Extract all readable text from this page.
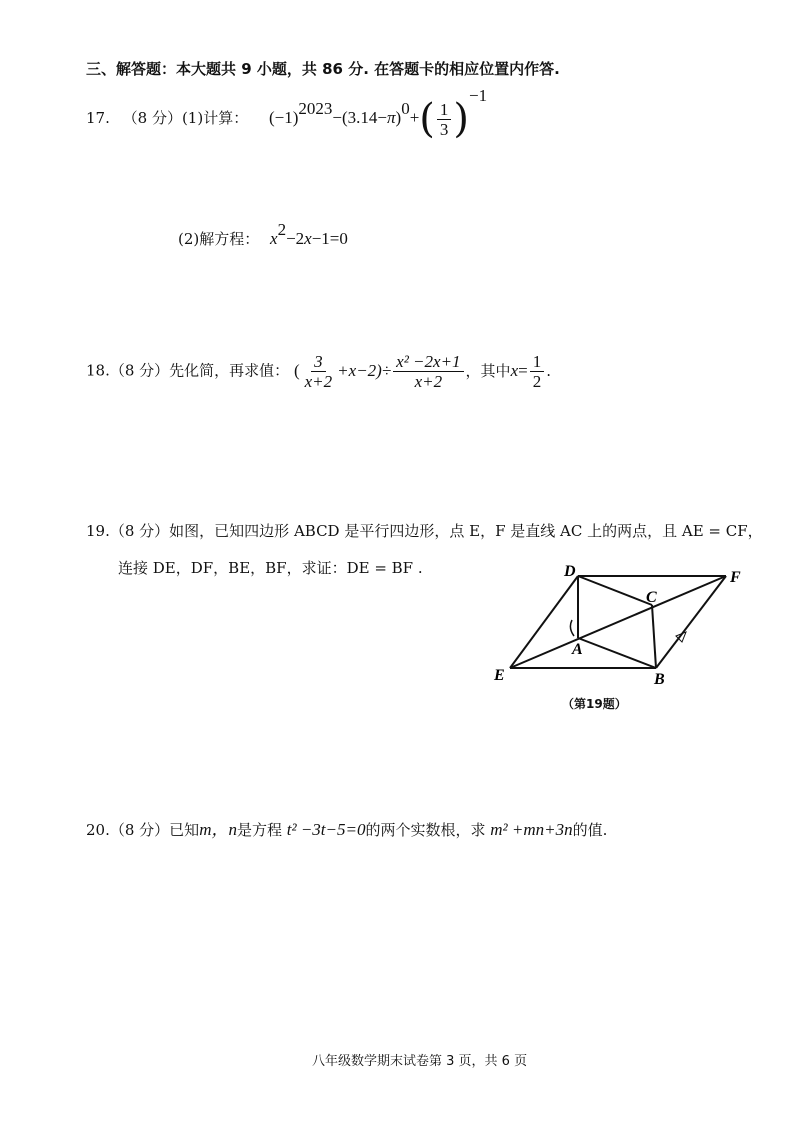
三、解答题：本大题共 9 小题，共 86 分. 在答题卡的相应位置内作答.
17. （8 分）(1)计算： $(-1)^{2023}-(3.14-\pi)^0+( \frac{1}{3} )^{-1}$
(2)解方程： $x^2-2x-1=0$
18.（8 分）先化简，再求值： ( $\frac{3}{x+2} +x-2)\div \frac{\text{x² −2x+1}}{x+2}$ ，其中$x= \frac{1}{2}$ .
19.（8 分）如图，已知四边形 ABCD 是平行四边形，点 E，F 是直线 AC 上的两点，且 AE = CF，
连接 DE，DF，BE，BF，求证：DE = BF .	D	F
C
A
E	B
（第19题）
20.（8 分）已知m，n是方程 t² −3t−5=0的两个实数根，求 m² +mn+3n的值.
八年级数学期末试卷第 3 页，共 6 页
